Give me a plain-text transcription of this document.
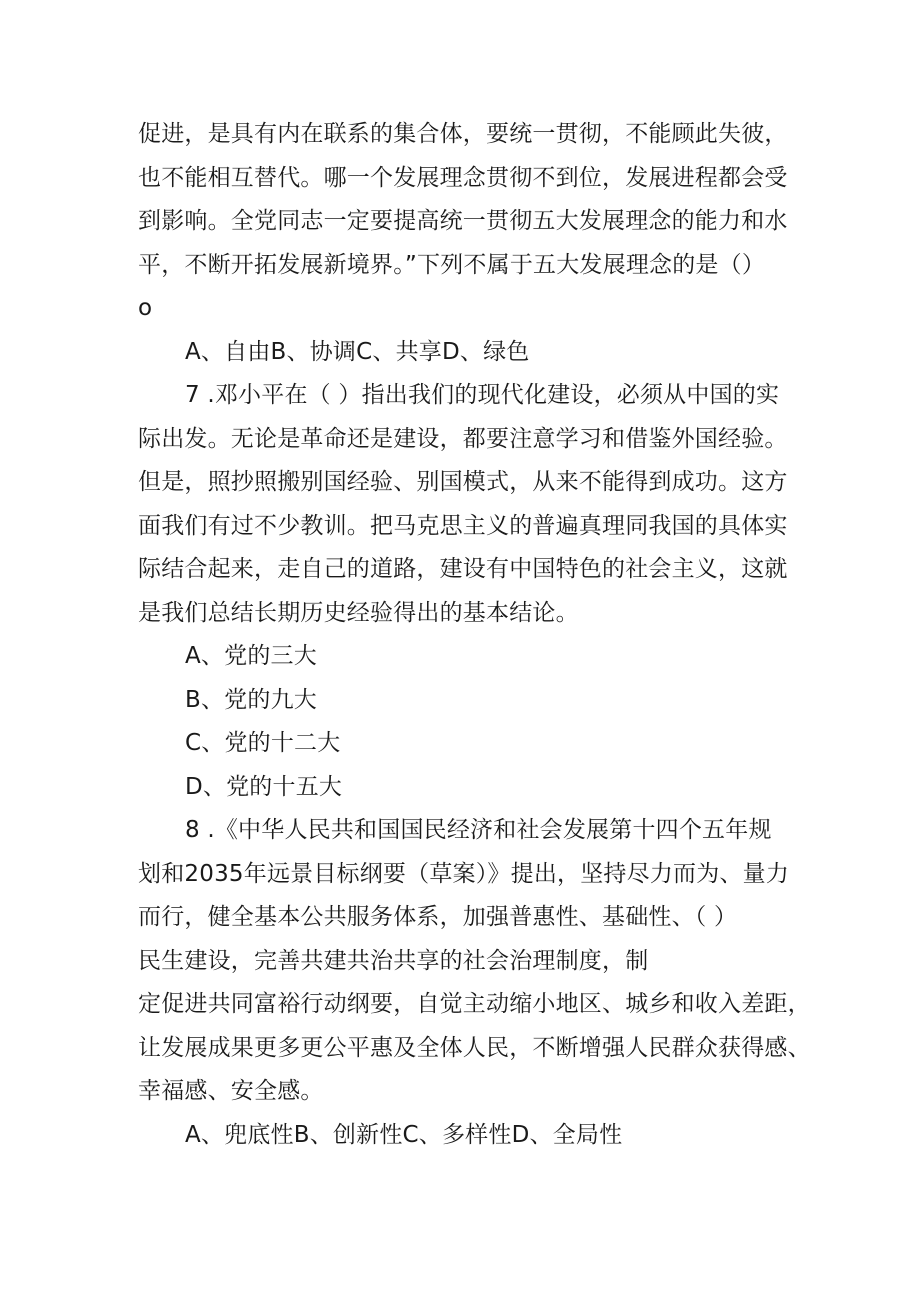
促进，是具有内在联系的集合体，要统一贯彻，不能顾此失彼，
也不能相互替代。哪一个发展理念贯彻不到位，发展进程都会受
到影响。全党同志一定要提高统一贯彻五大发展理念的能力和水
平，不断开拓发展新境界。”下列不属于五大发展理念的是（）
o
A、自由B、协调C、共享D、绿色
7 .邓小平在（ ）指出我们的现代化建设，必须从中国的实
际出发。无论是革命还是建设，都要注意学习和借鉴外国经验。
但是，照抄照搬别国经验、别国模式，从来不能得到成功。这方
面我们有过不少教训。把马克思主义的普遍真理同我国的具体实
际结合起来，走自己的道路，建设有中国特色的社会主义，这就
是我们总结长期历史经验得出的基本结论。
A、党的三大
B、党的九大
C、党的十二大
D、党的十五大
8 .《中华人民共和国国民经济和社会发展第十四个五年规
划和2035年远景目标纲要（草案）》提出，坚持尽力而为、量力
而行，健全基本公共服务体系，加强普惠性、基础性、（ ）
民生建设，完善共建共治共享的社会治理制度，制
定促进共同富裕行动纲要，自觉主动缩小地区、城乡和收入差距，
让发展成果更多更公平惠及全体人民，不断增强人民群众获得感、
幸福感、安全感。
A、兜底性B、创新性C、多样性D、全局性
